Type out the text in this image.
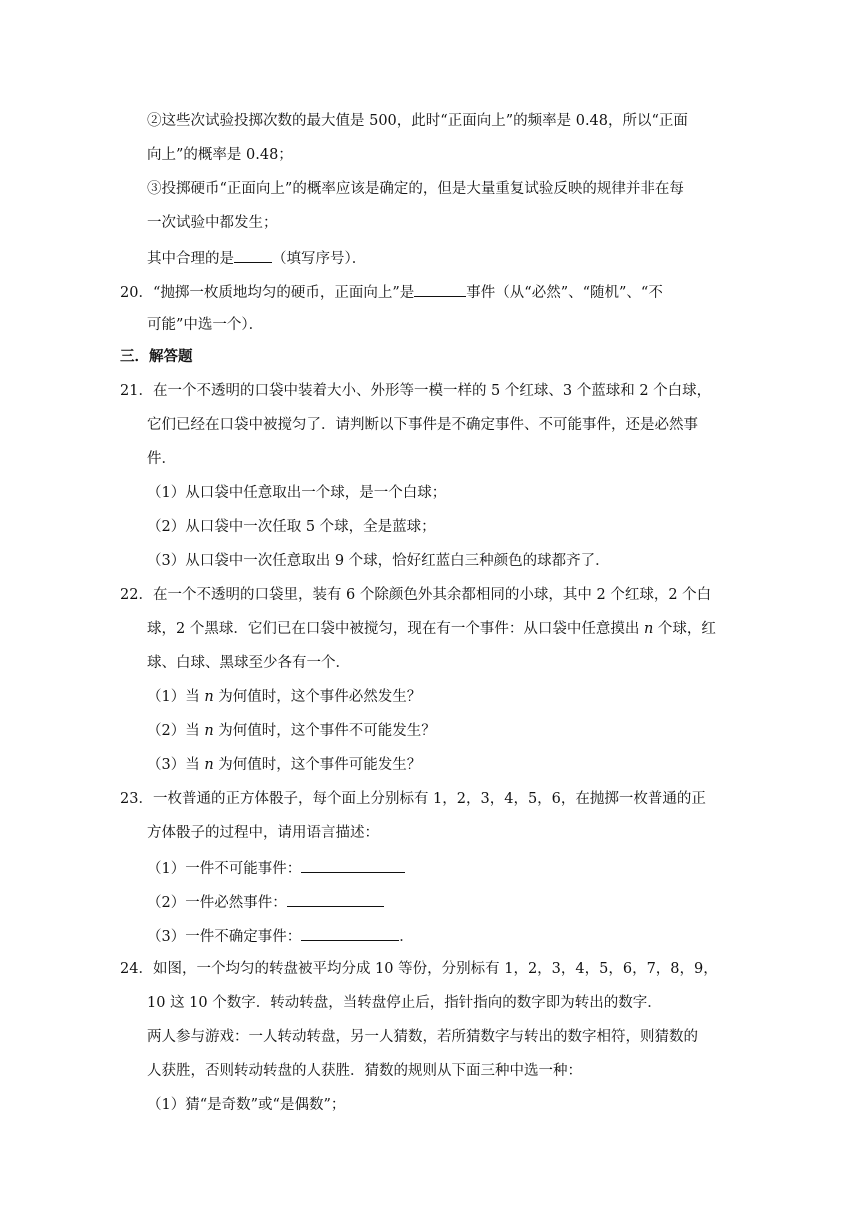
②这些次试验投掷次数的最大值是 500，此时“正面向上”的频率是 0.48，所以“正面
向上”的概率是 0.48；
③投掷硬币“正面向上”的概率应该是确定的，但是大量重复试验反映的规律并非在每
一次试验中都发生；
其中合理的是	（填写序号）．
20．“抛掷一枚质地均匀的硬币，正面向上”是	事件（从“必然”、“随机”、“不
可能”中选一个）．
三．解答题
21．在一个不透明的口袋中装着大小、外形等一模一样的 5 个红球、3 个蓝球和 2 个白球，
它们已经在口袋中被搅匀了．请判断以下事件是不确定事件、不可能事件，还是必然事
件．
（1）从口袋中任意取出一个球，是一个白球；
（2）从口袋中一次任取 5 个球，全是蓝球；
（3）从口袋中一次任意取出 9 个球，恰好红蓝白三种颜色的球都齐了．
22．在一个不透明的口袋里，装有 6 个除颜色外其余都相同的小球，其中 2 个红球，2 个白
球，2 个黑球．它们已在口袋中被搅匀，现在有一个事件：从口袋中任意摸出 n 个球，红
球、白球、黑球至少各有一个．
（1）当 n 为何值时，这个事件必然发生？
（2）当 n 为何值时，这个事件不可能发生？
（3）当 n 为何值时，这个事件可能发生？
23．一枚普通的正方体骰子，每个面上分别标有 1，2，3，4，5，6，在抛掷一枚普通的正
方体骰子的过程中，请用语言描述：
（1）一件不可能事件：
（2）一件必然事件：
（3）一件不确定事件：	．
24．如图，一个均匀的转盘被平均分成 10 等份，分别标有 1，2，3，4，5，6，7，8，9，
10 这 10 个数字．转动转盘，当转盘停止后，指针指向的数字即为转出的数字．
两人参与游戏：一人转动转盘，另一人猜数，若所猜数字与转出的数字相符，则猜数的
人获胜，否则转动转盘的人获胜．猜数的规则从下面三种中选一种：
（1）猜“是奇数”或“是偶数”；
